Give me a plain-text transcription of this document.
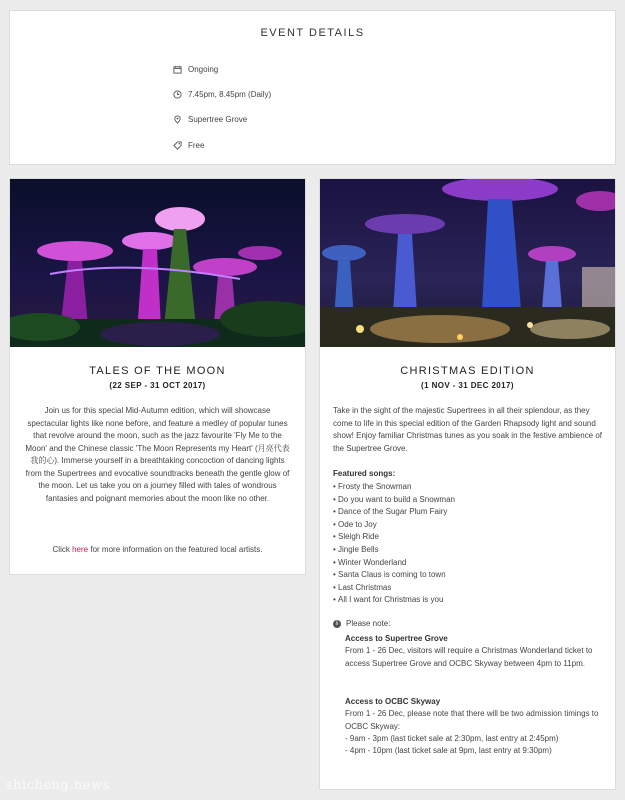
EVENT DETAILS
Ongoing
7.45pm, 8.45pm (Daily)
Supertree Grove
Free
TALES OF THE MOON
(22 SEP - 31 OCT 2017)

Join us for this special Mid-Autumn edition, which will showcase spectacular lights like none before, and feature a medley of popular tunes that revolve around the moon, such as the jazz favourite 'Fly Me to the Moon' and the Chinese classic 'The Moon Represents my Heart' (月亮代表我的心). Immerse yourself in a breathtaking concoction of dancing lights from the Supertrees and evocative soundtracks beneath the gentle glow of the moon. Let us take you on a journey filled with tales of wondrous fantasies and poignant memories about the moon like no other.

Click here for more information on the featured local artists.
CHRISTMAS EDITION
(1 NOV - 31 DEC 2017)

Take in the sight of the majestic Supertrees in all their splendour, as they come to life in this special edition of the Garden Rhapsody light and sound show! Enjoy familiar Christmas tunes as you soak in the festive ambience of the Supertree Grove.

Featured songs:
• Frosty the Snowman
• Do you want to build a Snowman
• Dance of the Sugar Plum Fairy
• Ode to Joy
• Sleigh Ride
• Jingle Bells
• Winter Wonderland
• Santa Claus is coming to town
• Last Christmas
• All I want for Christmas is you
i	Please note:
Access to Supertree Grove
From 1 - 26 Dec, visitors will require a Christmas Wonderland ticket to access Supertree Grove and OCBC Skyway between 4pm to 11pm.
Access to OCBC Skyway
From 1 - 26 Dec, please note that there will be two admission timings to OCBC Skyway:
- 9am - 3pm (last ticket sale at 2:30pm, last entry at 2:45pm)
- 4pm - 10pm (last ticket sale at 9pm, last entry at 9:30pm)
shicheng.news
